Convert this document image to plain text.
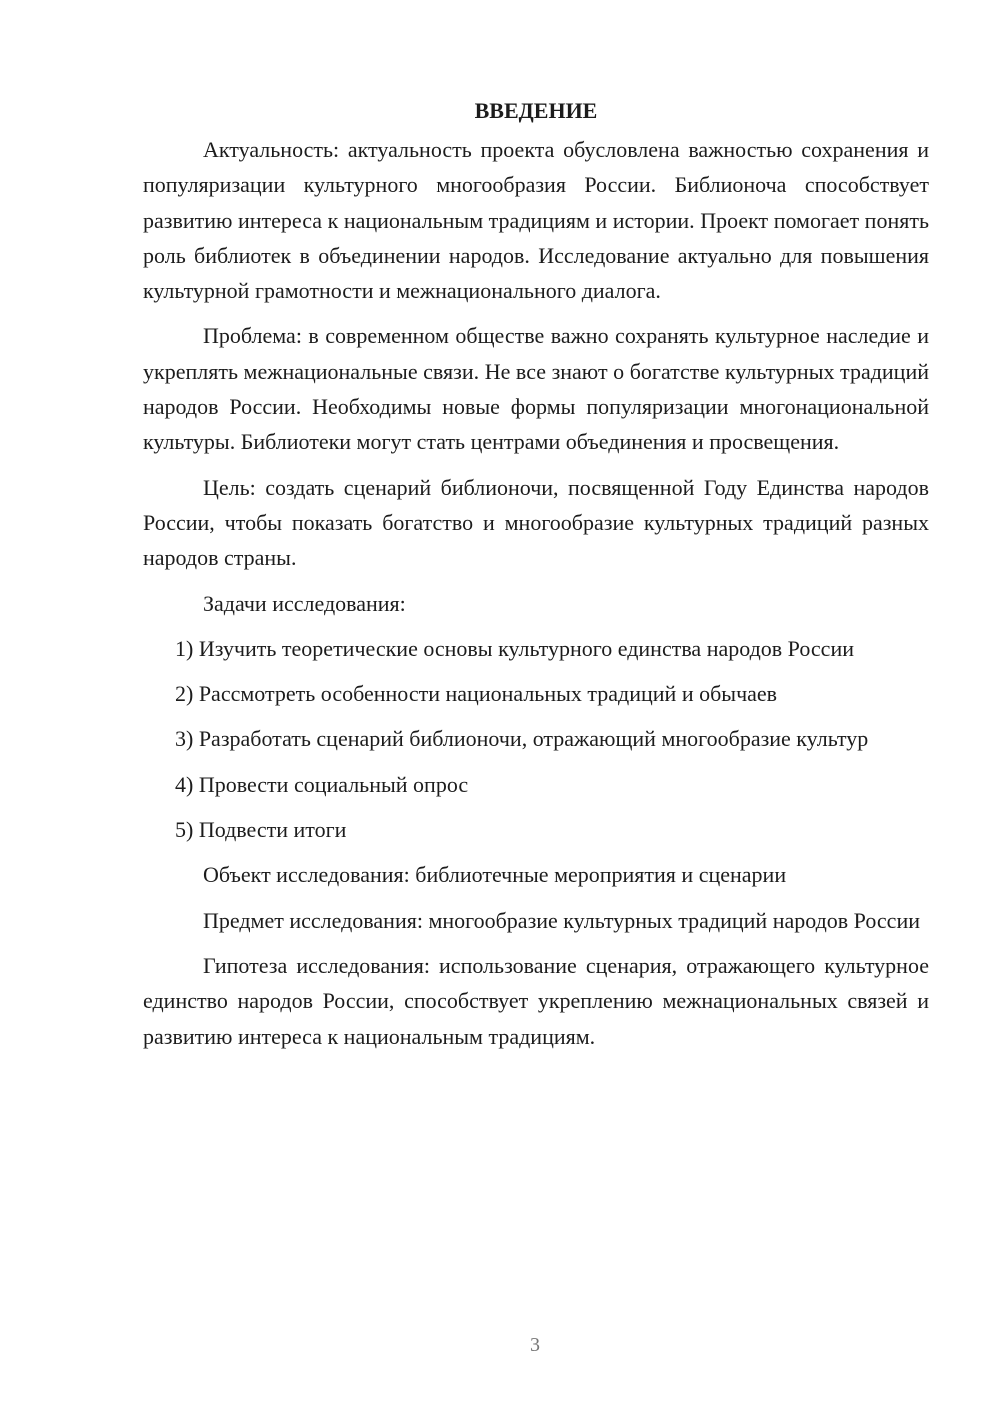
ВВЕДЕНИЕ

Актуальность: актуальность проекта обусловлена важностью сохранения и популяризации культурного многообразия России. Библионоча способствует развитию интереса к национальным традициям и истории. Проект помогает понять роль библиотек в объединении народов. Исследование актуально для повышения культурной грамотности и межнационального диалога.

Проблема: в современном обществе важно сохранять культурное наследие и укреплять межнациональные связи. Не все знают о богатстве культурных традиций народов России. Необходимы новые формы популяризации многонациональной культуры. Библиотеки могут стать центрами объединения и просвещения.

Цель: создать сценарий библионочи, посвященной Году Единства народов России, чтобы показать богатство и многообразие культурных традиций разных народов страны.

Задачи исследования:

1) Изучить теоретические основы культурного единства народов России

2) Рассмотреть особенности национальных традиций и обычаев

3) Разработать сценарий библионочи, отражающий многообразие культур

4) Провести социальный опрос

5) Подвести итоги

Объект исследования: библиотечные мероприятия и сценарии

Предмет исследования: многообразие культурных традиций народов России

Гипотеза исследования: использование сценария, отражающего культурное единство народов России, способствует укреплению межнациональных связей и развитию интереса к национальным традициям.

3
